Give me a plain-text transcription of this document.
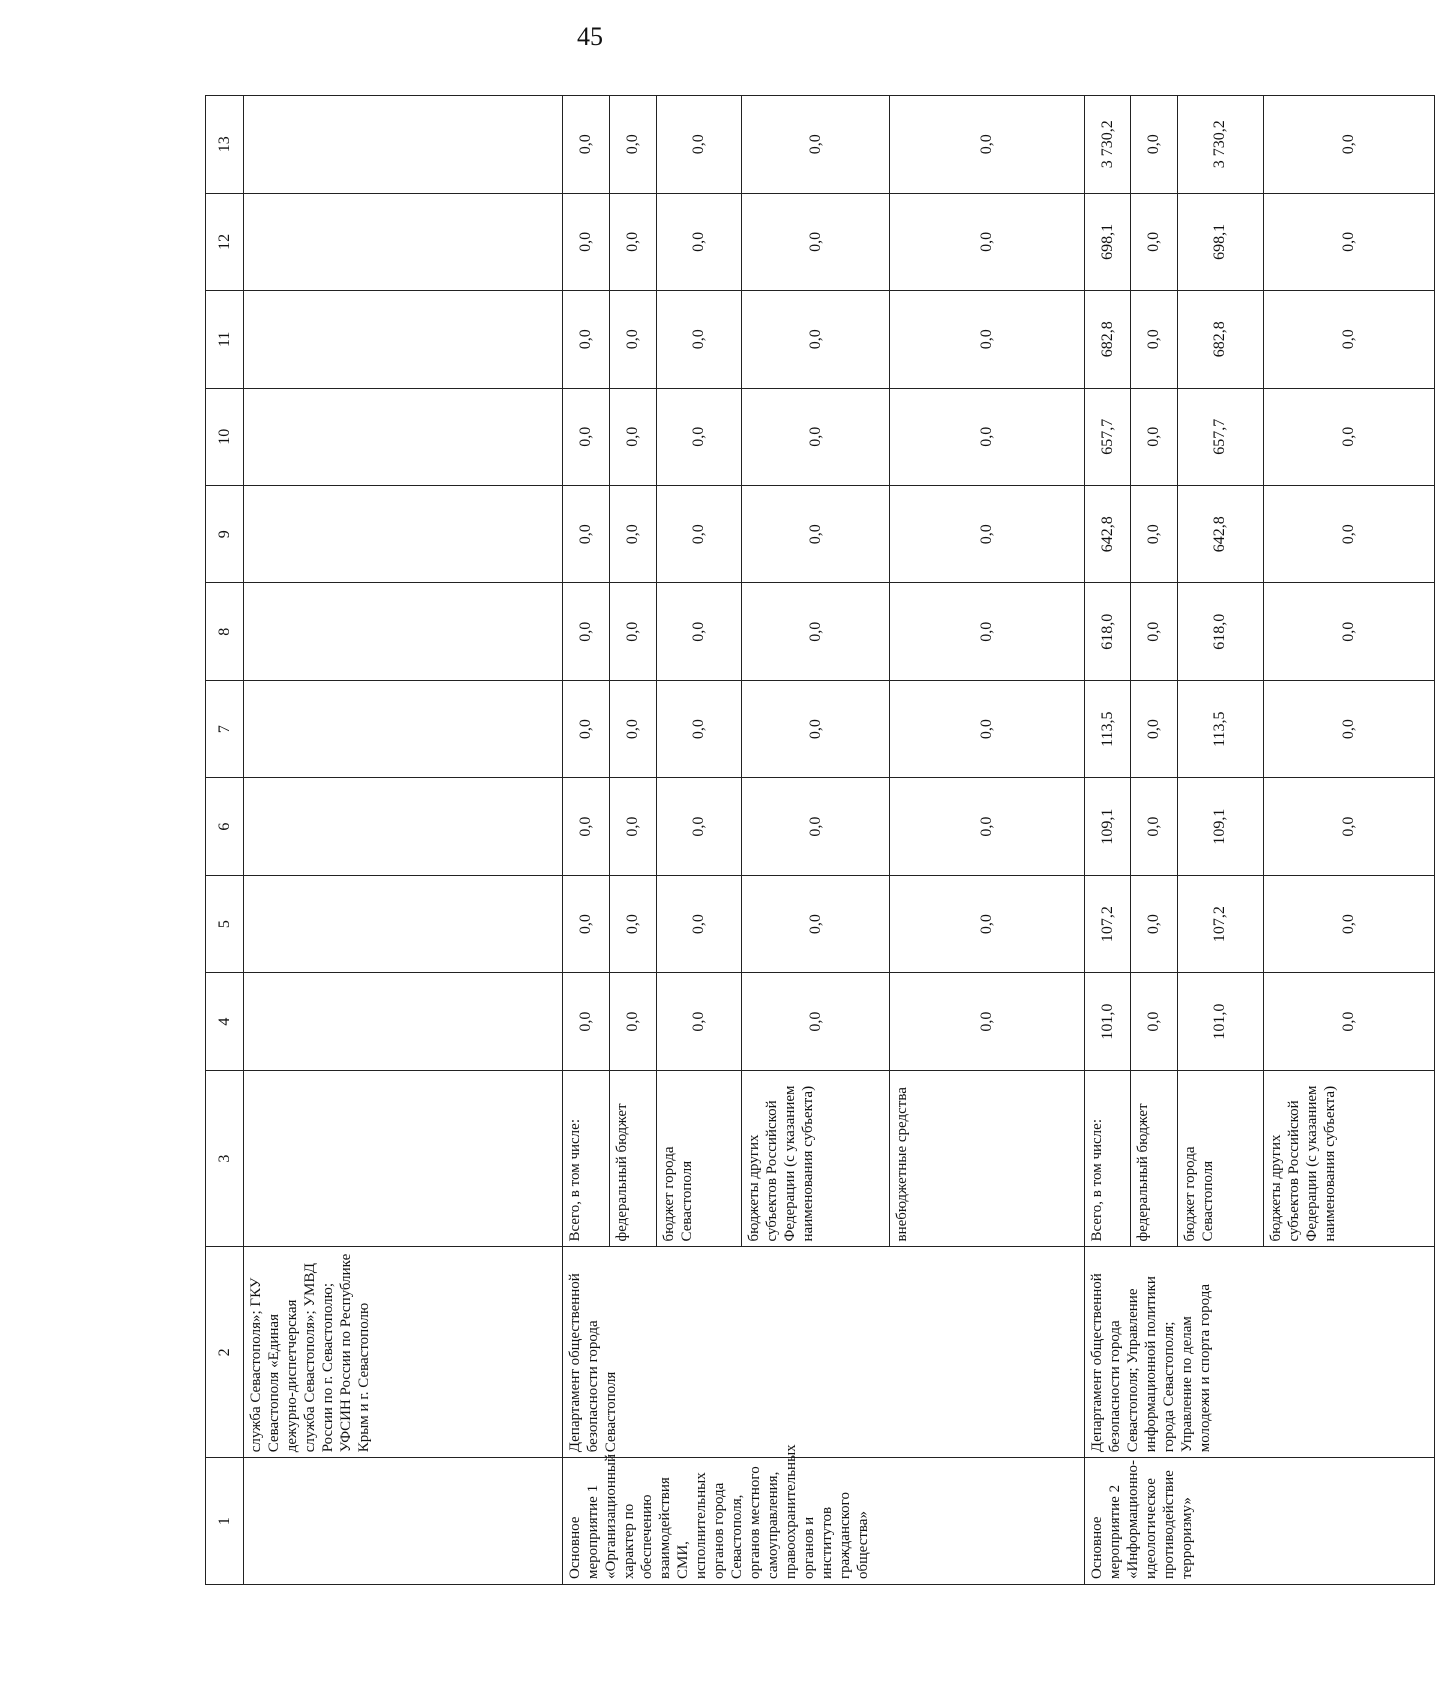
45
1	2	3	4	5	6	7	8	9	10	11	12	13
	служба Севастополя»; ГКУ Севастополя «Единая дежурно-диспетчерская служба Севастополя»; УМВД России по г. Севастополю; УФСИН России по Республике Крым и г. Севастополю											
Основное мероприятие 1 «Организационный характер по обеспечению взаимодействия СМИ, исполнительных органов города Севастополя, органов местного самоуправления, правоохранительных органов и институтов гражданского общества»	Департамент общественной безопасности города Севастополя	Всего, в том числе:	0,0	0,0	0,0	0,0	0,0	0,0	0,0	0,0	0,0	0,0
		федеральный бюджет	0,0	0,0	0,0	0,0	0,0	0,0	0,0	0,0	0,0	0,0
		бюджет города Севастополя	0,0	0,0	0,0	0,0	0,0	0,0	0,0	0,0	0,0	0,0
		бюджеты других субъектов Российской Федерации (с указанием наименования субъекта)	0,0	0,0	0,0	0,0	0,0	0,0	0,0	0,0	0,0	0,0
		внебюджетные средства	0,0	0,0	0,0	0,0	0,0	0,0	0,0	0,0	0,0	0,0
Основное мероприятие 2 «Информационно-идеологическое противодействие терроризму»	Департамент общественной безопасности города Севастополя; Управление информационной политики города Севастополя; Управление по делам молодежи и спорта города	Всего, в том числе:	101,0	107,2	109,1	113,5	618,0	642,8	657,7	682,8	698,1	3 730,2
		федеральный бюджет	0,0	0,0	0,0	0,0	0,0	0,0	0,0	0,0	0,0	0,0
		бюджет города Севастополя	101,0	107,2	109,1	113,5	618,0	642,8	657,7	682,8	698,1	3 730,2
		бюджеты других субъектов Российской Федерации (с указанием наименования субъекта)	0,0	0,0	0,0	0,0	0,0	0,0	0,0	0,0	0,0	0,0
